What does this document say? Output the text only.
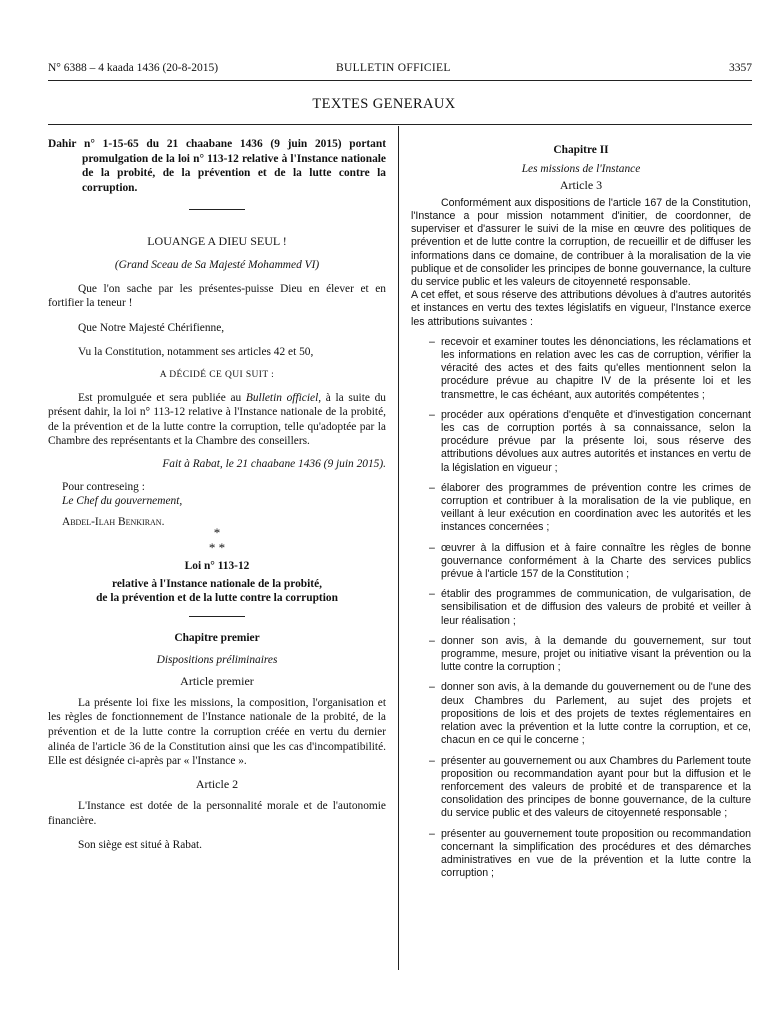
N° 6388 – 4 kaada 1436 (20-8-2015)	BULLETIN OFFICIEL	3357
TEXTES GENERAUX

Dahir n° 1-15-65 du 21 chaabane 1436 (9 juin 2015) portant promulgation de la loi n° 113-12 relative à l'Instance nationale de la probité, de la prévention et de la lutte contre la corruption.

LOUANGE A DIEU SEUL !

(Grand Sceau de Sa Majesté Mohammed VI)

Que l'on sache par les présentes-puisse Dieu en élever et en fortifier la teneur !

Que Notre Majesté Chérifienne,

Vu la Constitution, notamment ses articles 42 et 50,

A DÉCIDÉ CE QUI SUIT :

Est promulguée et sera publiée au Bulletin officiel, à la suite du présent dahir, la loi n° 113-12 relative à l'Instance nationale de la probité, de la prévention et de la lutte contre la corruption, telle qu'adoptée par la Chambre des représentants et la Chambre des conseillers.

Fait à Rabat, le 21 chaabane 1436 (9 juin 2015).

Pour contreseing :

Le Chef du gouvernement,

Abdel-Ilah Benkiran.

*

* *

Loi n° 113-12

relative à l'Instance nationale de la probité,

de la prévention et de la lutte contre la corruption

Chapitre premier

Dispositions préliminaires

Article premier

La présente loi fixe les missions, la composition, l'organisation et les règles de fonctionnement de l'Instance nationale de la probité, de la prévention et de la lutte contre la corruption créée en vertu du dernier alinéa de l'article 36 de la Constitution ainsi que les cas d'incompatibilité. Elle est désignée ci-après par « l'Instance ».

Article 2

L'Instance est dotée de la personnalité morale et de l'autonomie financière.

Son siège est situé à Rabat.

Chapitre II

Les missions de l'Instance

Article 3

Conformément aux dispositions de l'article 167 de la Constitution, l'Instance a pour mission notamment d'initier, de coordonner, de superviser et d'assurer le suivi de la mise en œuvre des politiques de prévention et de lutte contre la corruption, de recueillir et de diffuser les informations dans ce domaine, de contribuer à la moralisation de la vie publique et de consolider les principes de bonne gouvernance, la culture du service public et les valeurs de citoyenneté responsable.

A cet effet, et sous réserve des attributions dévolues à d'autres autorités et instances en vertu des textes législatifs en vigueur, l'Instance exerce les attributions suivantes :

– recevoir et examiner toutes les dénonciations, les réclamations et les informations en relation avec les cas de corruption, vérifier la véracité des actes et des faits qu'elles mentionnent selon la procédure prévue au chapitre IV de la présente loi et les transmettre, le cas échéant, aux autorités compétentes ;

– procéder aux opérations d'enquête et d'investigation concernant les cas de corruption portés à sa connaissance, selon la procédure prévue par la présente loi, sous réserve des attributions dévolues aux autres autorités et instances en vertu de la législation en vigueur ;

– élaborer des programmes de prévention contre les crimes de corruption et contribuer à la moralisation de la vie publique, en veillant à leur exécution en coordination avec les autorités et les instances concernées ;

– œuvrer à la diffusion et à faire connaître les règles de bonne gouvernance conformément à la Charte des services publics prévue à l'article 157 de la Constitution ;

– établir des programmes de communication, de vulgarisation, de sensibilisation et de diffusion des valeurs de probité et veiller à leur réalisation ;

– donner son avis, à la demande du gouvernement, sur tout programme, mesure, projet ou initiative visant la prévention ou la lutte contre la corruption ;

– donner son avis, à la demande du gouvernement ou de l'une des deux Chambres du Parlement, au sujet des projets et propositions de lois et des projets de textes réglementaires en relation avec la prévention et la lutte contre la corruption, et ce, chacun en ce qui le concerne ;

– présenter au gouvernement ou aux Chambres du Parlement toute proposition ou recommandation ayant pour but la diffusion et le renforcement des valeurs de probité et de transparence et la consolidation des principes de bonne gouvernance, de la culture du service public et des valeurs de citoyenneté responsable ;

– présenter au gouvernement toute proposition ou recommandation concernant la simplification des procédures et des démarches administratives en vue de la prévention et la lutte contre la corruption ;
